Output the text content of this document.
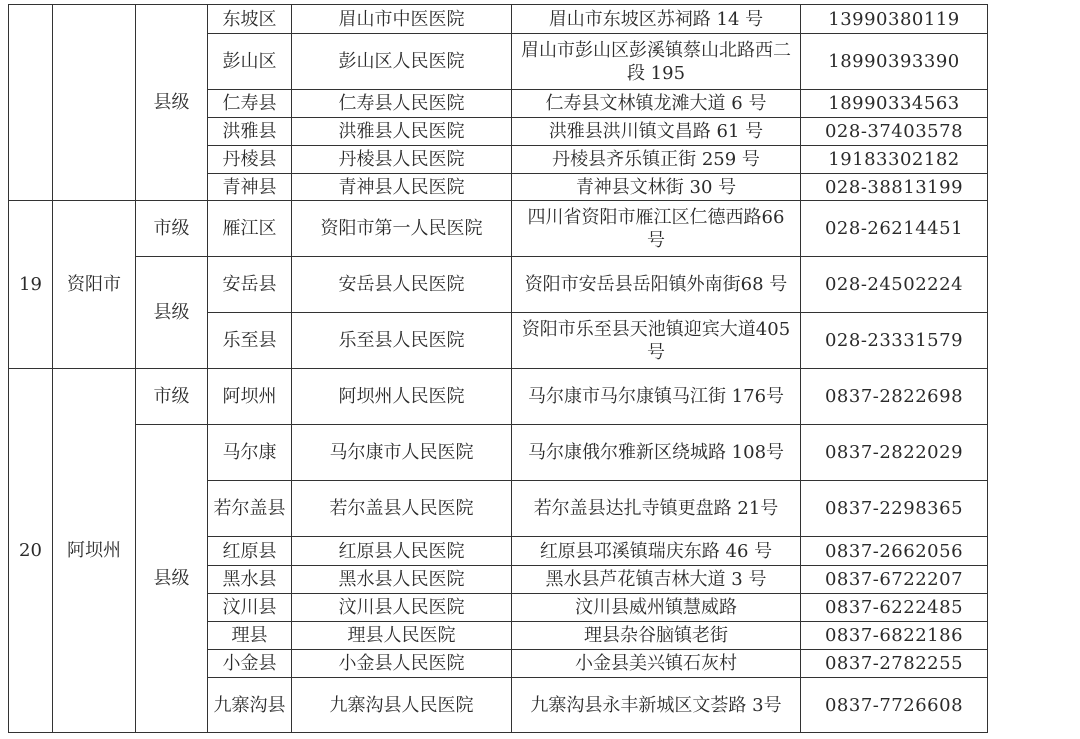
		县级	东坡区	眉山市中医医院	眉山市东坡区苏祠路 14 号	13990380119
			彭山区	彭山区人民医院	眉山市彭山区彭溪镇蔡山北路西二段 195	18990393390
			仁寿县	仁寿县人民医院	仁寿县文林镇龙滩大道 6 号	18990334563
			洪雅县	洪雅县人民医院	洪雅县洪川镇文昌路 61 号	028-37403578
			丹棱县	丹棱县人民医院	丹棱县齐乐镇正街 259 号	19183302182
			青神县	青神县人民医院	青神县文林街 30 号	028-38813199
19	资阳市	市级	雁江区	资阳市第一人民医院	四川省资阳市雁江区仁德西路66 号	028-26214451
		县级	安岳县	安岳县人民医院	资阳市安岳县岳阳镇外南街68 号	028-24502224
			乐至县	乐至县人民医院	资阳市乐至县天池镇迎宾大道405 号	028-23331579
20	阿坝州	市级	阿坝州	阿坝州人民医院	马尔康市马尔康镇马江街 176号	0837-2822698
		县级	马尔康	马尔康市人民医院	马尔康俄尔雅新区绕城路 108号	0837-2822029
			若尔盖县	若尔盖县人民医院	若尔盖县达扎寺镇更盘路 21号	0837-2298365
			红原县	红原县人民医院	红原县邛溪镇瑞庆东路 46 号	0837-2662056
			黑水县	黑水县人民医院	黑水县芦花镇吉林大道 3 号	0837-6722207
			汶川县	汶川县人民医院	汶川县威州镇慧威路	0837-6222485
			理县	理县人民医院	理县杂谷脑镇老街	0837-6822186
			小金县	小金县人民医院	小金县美兴镇石灰村	0837-2782255
			九寨沟县	九寨沟县人民医院	九寨沟县永丰新城区文荟路 3号	0837-7726608
